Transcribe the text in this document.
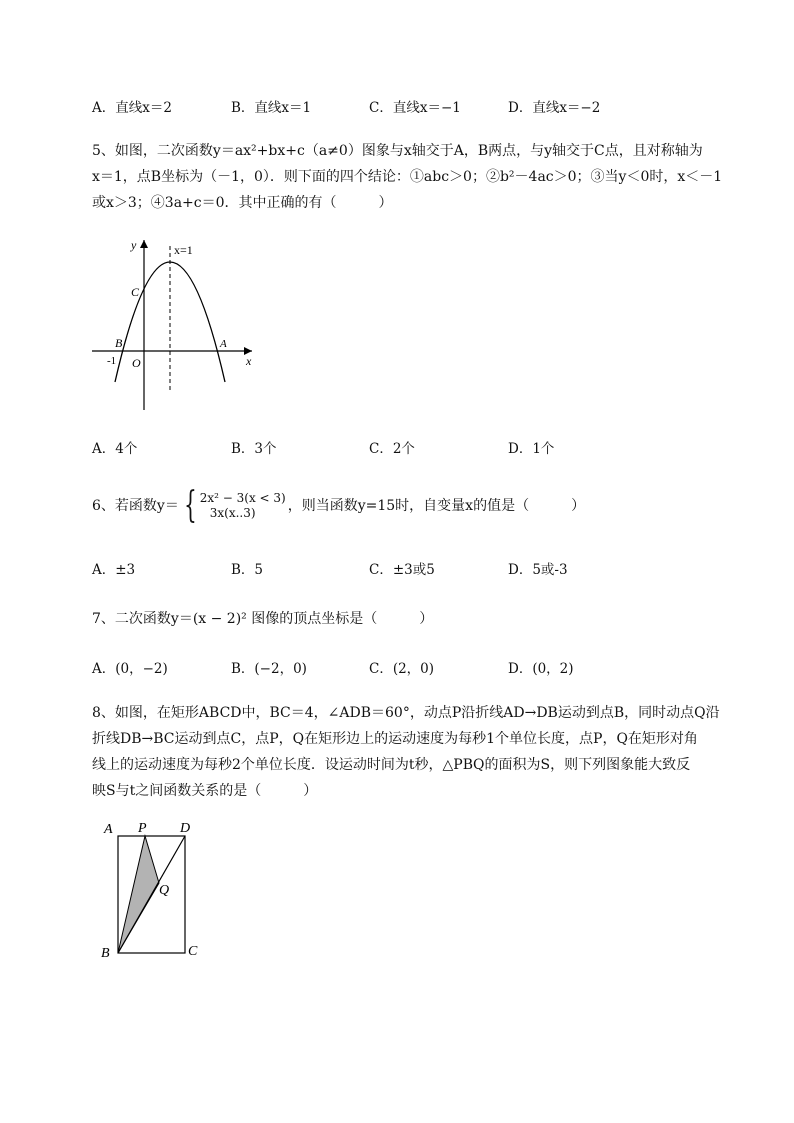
A．直线x＝2	B．直线x＝1	C．直线x＝−1	D．直线x＝−2
5、如图，二次函数y＝ax²+bx+c（a≠0）图象与x轴交于A，B两点，与y轴交于C点，且对称轴为
x＝1，点B坐标为（－1，0）．则下面的四个结论：①abc＞0；②b²－4ac＞0；③当y＜0时，x＜－1
或x＞3；④3a+c＝0．其中正确的有（　　　）
y
x
x=1
C
B	A
O
-1
A．4个	B．3个	C．2个	D．1个
6、若函数y＝ { 2x² − 3(x < 3)
3x(x..3)	，则当函数y=15时，自变量x的值是（　　　）
A．±3	B．5	C．±3或5	D．5或-3
7、二次函数y＝(x − 2)² 图像的顶点坐标是（　　　）
A．(0，−2)	B．(−2，0)	C．(2，0)	D．(0，2)
8、如图，在矩形ABCD中，BC＝4，∠ADB＝60°，动点P沿折线AD→DB运动到点B，同时动点Q沿
折线DB→BC运动到点C，点P，Q在矩形边上的运动速度为每秒1个单位长度，点P，Q在矩形对角
线上的运动速度为每秒2个单位长度．设运动时间为t秒，△PBQ的面积为S，则下列图象能大致反
映S与t之间函数关系的是（　　　）
A P D
Q
B	C
